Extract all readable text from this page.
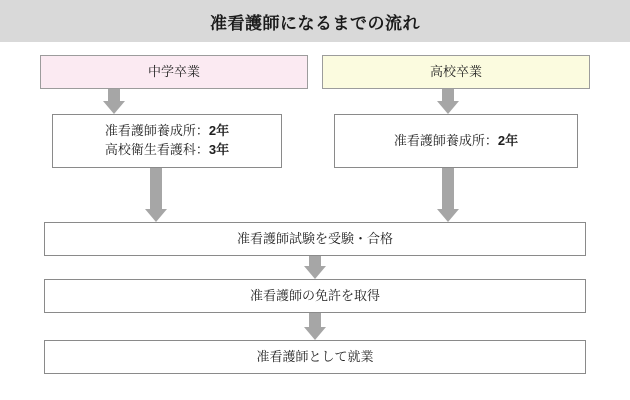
准看護師になるまでの流れ
中学卒業	高校卒業
准看護師養成所：2年
高校衛生看護科：3年
准看護師養成所：2年
准看護師試験を受験・合格
准看護師の免許を取得
准看護師として就業
